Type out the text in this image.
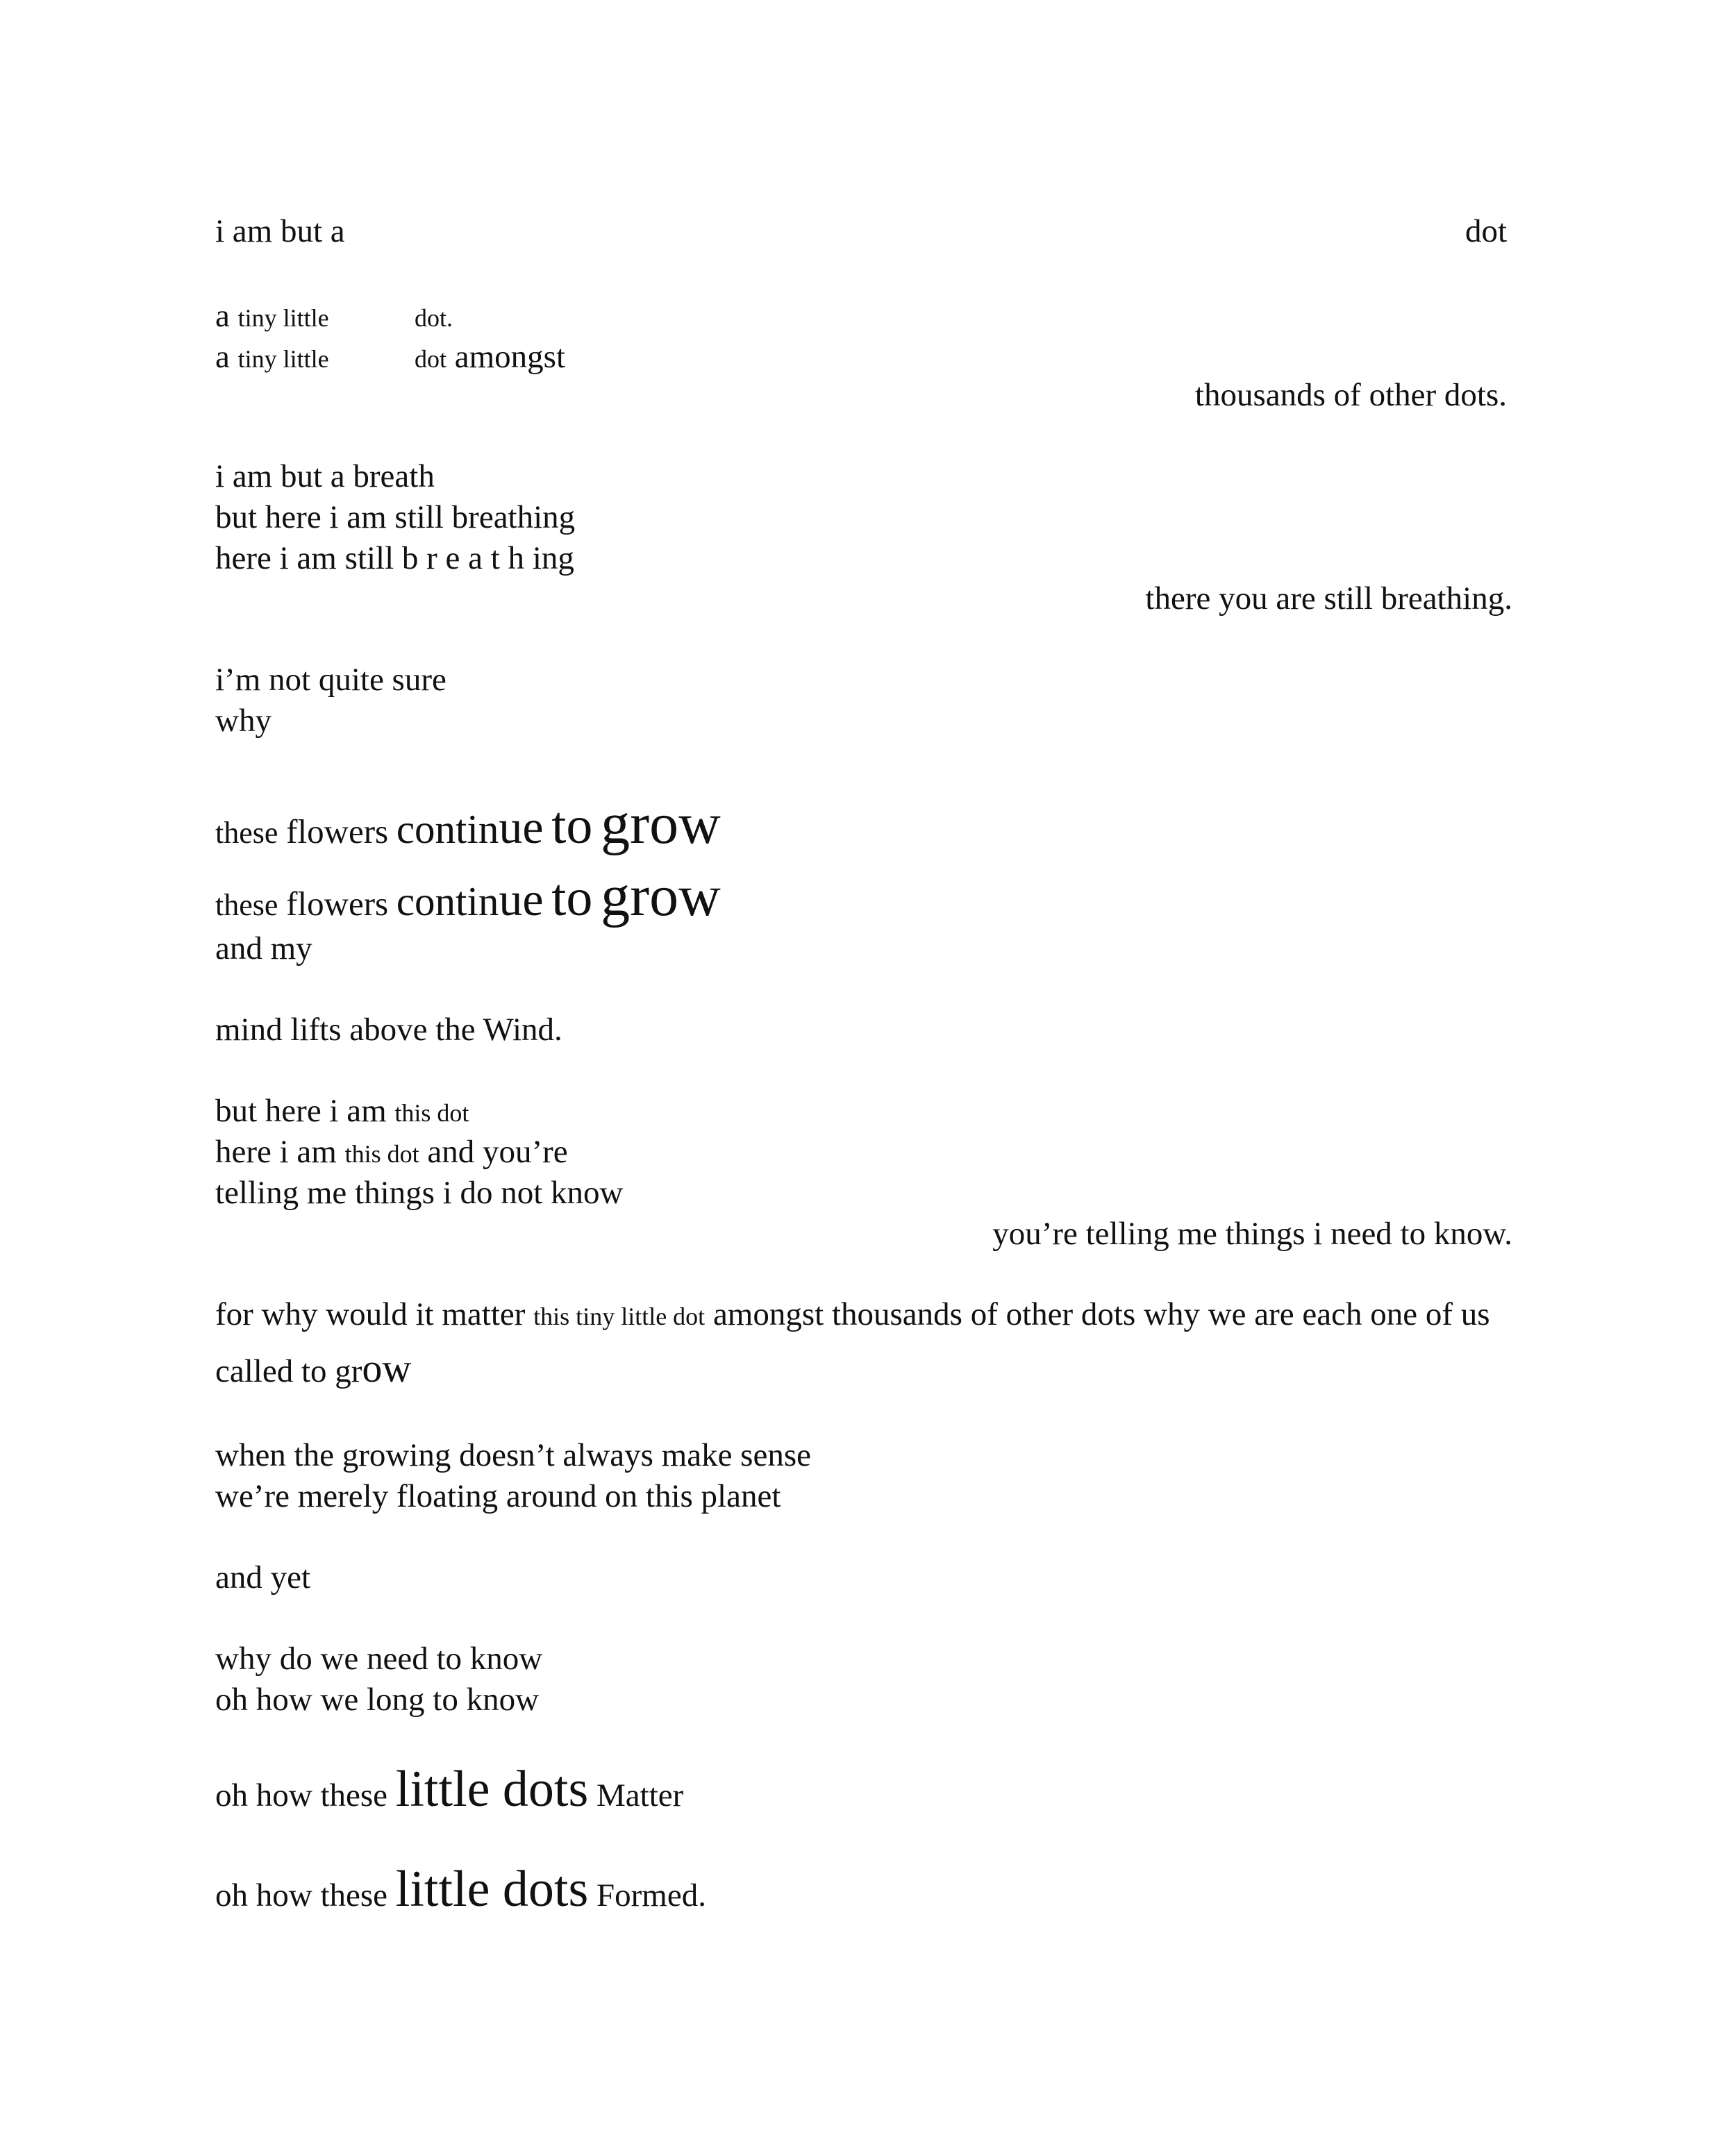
i am but a	dot
a tiny little	dot.
a tiny little	dot amongst
thousands of other dots.
i am but a breath
but here i am still breathing
here i am still b r e a t h ing
there you are still breathing.
i’m not quite sure
why
these flowers continue to grow
these flowers continue to grow
and my
mind lifts above the Wind.
but here i am this dot
here i am this dot and you’re
telling me things i do not know
you’re telling me things i need to know.
for why would it matter this tiny little dot amongst thousands of other dots why we are each one of us
called to grow
when the growing doesn’t always make sense
we’re merely floating around on this planet
and yet
why do we need to know
oh how we long to know
oh how these little dots Matter
oh how these little dots Formed.
